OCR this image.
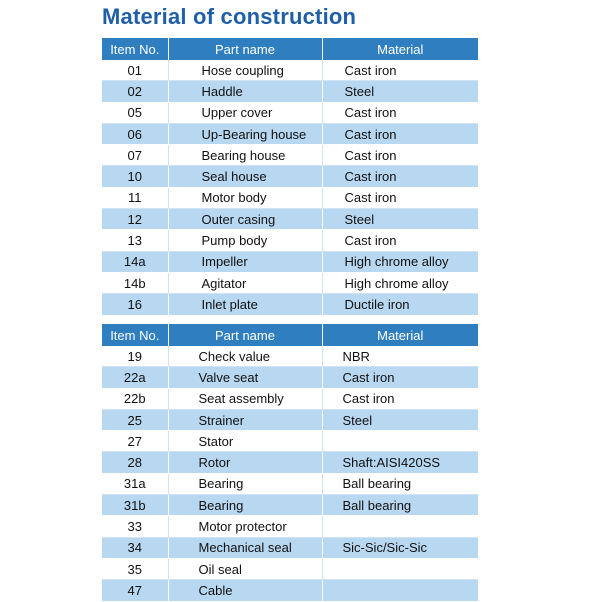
Material of construction
Item No.	Part name	Material
01	Hose coupling	Cast iron
02	Haddle	Steel
05	Upper cover	Cast iron
06	Up-Bearing house	Cast iron
07	Bearing house	Cast iron
10	Seal house	Cast iron
11	Motor body	Cast iron
12	Outer casing	Steel
13	Pump body	Cast iron
14a	Impeller	High chrome alloy
14b	Agitator	High chrome alloy
16	Inlet plate	Ductile iron
Item No.	Part name	Material
19	Check value	NBR
22a	Valve seat	Cast iron
22b	Seat assembly	Cast iron
25	Strainer	Steel
27	Stator	
28	Rotor	Shaft:AISI420SS
31a	Bearing	Ball bearing
31b	Bearing	Ball bearing
33	Motor protector	
34	Mechanical seal	Sic-Sic/Sic-Sic
35	Oil seal	
47	Cable	
